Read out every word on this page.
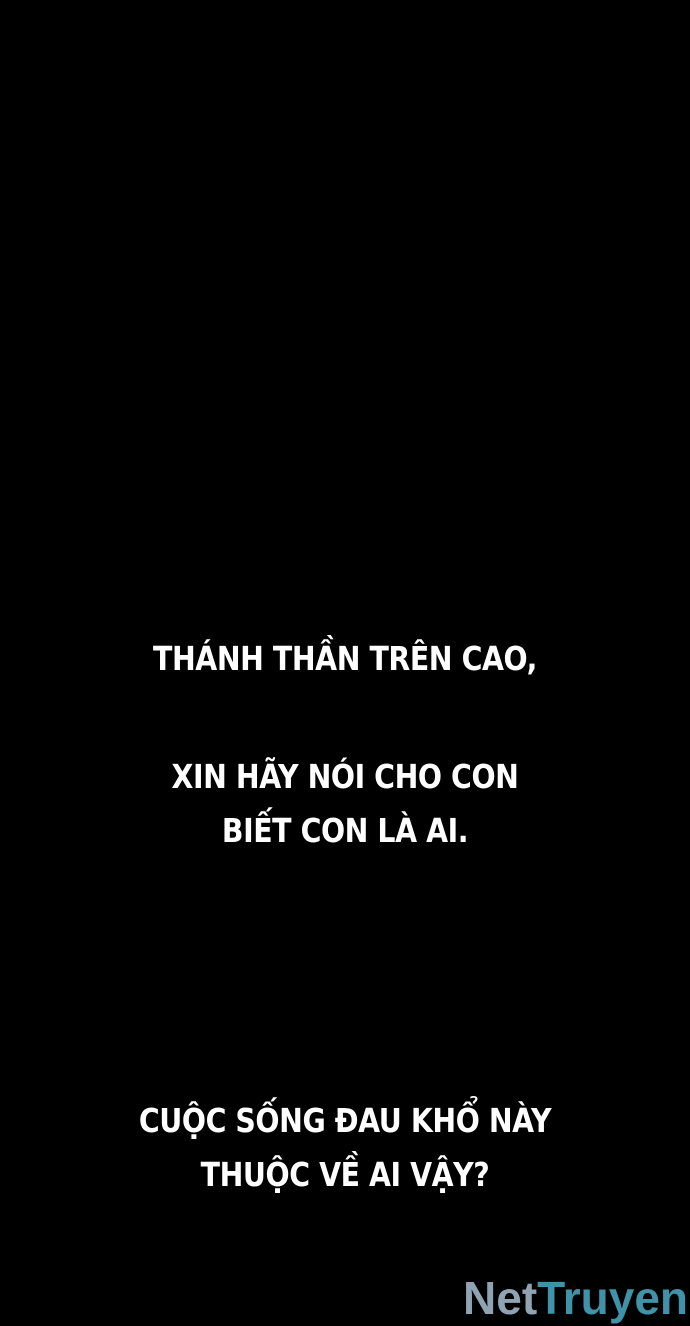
THÁNH THẦN TRÊN CAO,
XIN HÃY NÓI CHO CON
BIẾT CON LÀ AI.
CUỘC SỐNG ĐAU KHỔ NÀY
THUỘC VỀ AI VẬY?
NetTruyen
